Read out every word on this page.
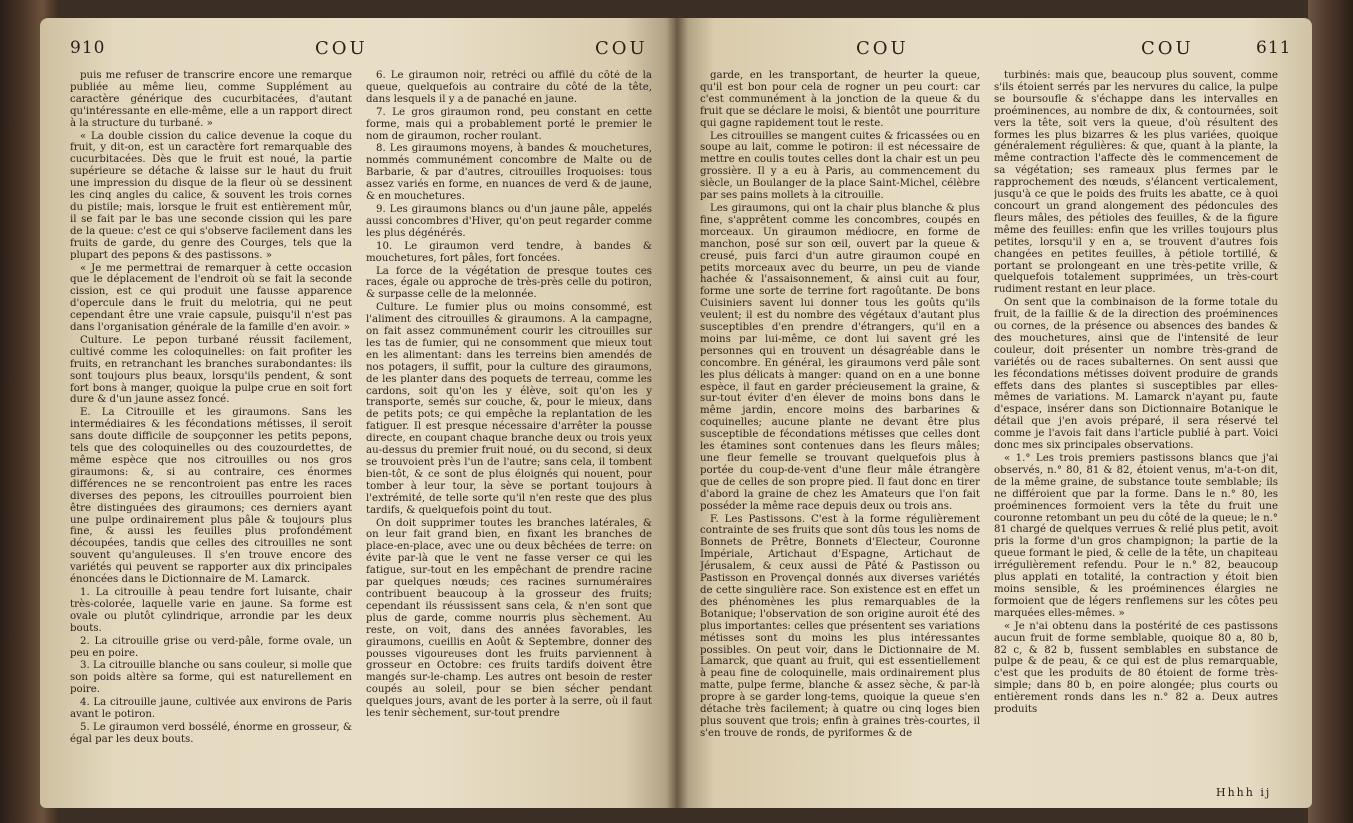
910	COU	COU

puis me refuser de transcrire encore une remarque publiée au même lieu, comme Supplément au caractère générique des cucurbitacées, d'autant qu'intéressante en elle-même, elle a un rapport direct à la structure du turbané. »

« La double cission du calice devenue la coque du fruit, y dit-on, est un caractère fort remarquable des cucurbitacées. Dès que le fruit est noué, la partie supérieure se détache & laisse sur le haut du fruit une impression du disque de la fleur où se dessinent les cinq angles du calice, & souvent les trois cornes du pistile; mais, lorsque le fruit est entièrement mûr, il se fait par le bas une seconde cission qui les pare de la queue: c'est ce qui s'observe facilement dans les fruits de garde, du genre des Courges, tels que la plupart des pepons & des pastissons. »

« Je me permettrai de remarquer à cette occasion que le déplacement de l'endroit où se fait la seconde cission, est ce qui produit une fausse apparence d'opercule dans le fruit du melotria, qui ne peut cependant être une vraie capsule, puisqu'il n'est pas dans l'organisation générale de la famille d'en avoir. »

Culture. Le pepon turbané réussit facilement, cultivé comme les coloquinelles: on fait profiter les fruits, en retranchant les branches surabondantes: ils sont toujours plus beaux, lorsqu'ils pendent, & sont fort bons à manger, quoique la pulpe crue en soit fort dure & d'un jaune assez foncé.

E. La Citrouille et les giraumons. Sans les intermédiaires & les fécondations métisses, il seroit sans doute difficile de soupçonner les petits pepons, tels que des coloquinelles ou des couzourdettes, de même espèce que nos citrouilles ou nos gros giraumons: &, si au contraire, ces énormes différences ne se rencontroient pas entre les races diverses des pepons, les citrouilles pourroient bien être distinguées des giraumons; ces derniers ayant une pulpe ordinairement plus pâle & toujours plus fine, & aussi les feuilles plus profondément découpées, tandis que celles des citrouilles ne sont souvent qu'anguleuses. Il s'en trouve encore des variétés qui peuvent se rapporter aux dix principales énoncées dans le Dictionnaire de M. Lamarck.

1. La citrouille à peau tendre fort luisante, chair très-colorée, laquelle varie en jaune. Sa forme est ovale ou plutôt cylindrique, arrondie par les deux bouts.

2. La citrouille grise ou verd-pâle, forme ovale, un peu en poire.

3. La citrouille blanche ou sans couleur, si molle que son poids altère sa forme, qui est naturellement en poire.

4. La citrouille jaune, cultivée aux environs de Paris avant le potiron.

5. Le giraumon verd bossélé, énorme en grosseur, & égal par les deux bouts.

6. Le giraumon noir, retréci ou affilé du côté de la queue, quelquefois au contraire du côté de la tête, dans lesquels il y a de panaché en jaune.

7. Le gros giraumon rond, peu constant en cette forme, mais qui a probablement porté le premier le nom de giraumon, rocher roulant.

8. Les giraumons moyens, à bandes & mouchetures, nommés communément concombre de Malte ou de Barbarie, & par d'autres, citrouilles Iroquoises: tous assez variés en forme, en nuances de verd & de jaune, & en mouchetures.

9. Les giraumons blancs ou d'un jaune pâle, appelés aussi concombres d'Hiver, qu'on peut regarder comme les plus dégénérés.

10. Le giraumon verd tendre, à bandes & mouchetures, fort pâles, fort foncées.

La force de la végétation de presque toutes ces races, égale ou approche de très-près celle du potiron, & surpasse celle de la melonnée.

Culture. Le fumier plus ou moins consommé, est l'aliment des citrouilles & giraumons. A la campagne, on fait assez communément courir les citrouilles sur les tas de fumier, qui ne consomment que mieux tout en les alimentant: dans les terreins bien amendés de nos potagers, il suffit, pour la culture des giraumons, de les planter dans des poquets de terreau, comme les cardons, soit qu'on les y élève, soit qu'on les y transporte, semés sur couche, &, pour le mieux, dans de petits pots; ce qui empêche la replantation de les fatiguer. Il est presque nécessaire d'arrêter la pousse directe, en coupant chaque branche deux ou trois yeux au-dessus du premier fruit noué, ou du second, si deux se trouvoient près l'un de l'autre; sans cela, il tombent bien-tôt, & ce sont de plus éloignés qui nouent, pour tomber à leur tour, la sève se portant toujours à l'extrémité, de telle sorte qu'il n'en reste que des plus tardifs, & quelquefois point du tout.

On doit supprimer toutes les branches latérales, & on leur fait grand bien, en fixant les branches de place-en-place, avec une ou deux bêchées de terre: on évite par-là que le vent ne fasse verser ce qui les fatigue, sur-tout en les empêchant de prendre racine par quelques nœuds; ces racines surnuméraires contribuent beaucoup à la grosseur des fruits; cependant ils réussissent sans cela, & n'en sont que plus de garde, comme nourris plus sèchement. Au reste, on voit, dans des années favorables, les giraumons, cueillis en Août & Septembre, donner des pousses vigoureuses dont les fruits parviennent à grosseur en Octobre: ces fruits tardifs doivent être mangés sur-le-champ. Les autres ont besoin de rester coupés au soleil, pour se bien sécher pendant quelques jours, avant de les porter à la serre, où il faut les tenir sèchement, sur-tout prendre

COU	COU	611

garde, en les transportant, de heurter la queue, qu'il est bon pour cela de rogner un peu court: car c'est communément à la jonction de la queue & du fruit que se déclare le moisi, & bientôt une pourriture qui gagne rapidement tout le reste.

Les citrouilles se mangent cuites & fricassées ou en soupe au lait, comme le potiron: il est nécessaire de mettre en coulis toutes celles dont la chair est un peu grossière. Il y a eu à Paris, au commencement du siècle, un Boulanger de la place Saint-Michel, célèbre par ses pains mollets à la citrouille.

Les giraumons, qui ont la chair plus blanche & plus fine, s'apprêtent comme les concombres, coupés en morceaux. Un giraumon médiocre, en forme de manchon, posé sur son œil, ouvert par la queue & creusé, puis farci d'un autre giraumon coupé en petits morceaux avec du beurre, un peu de viande hachée & l'assaisonnement, & ainsi cuit au four, forme une sorte de terrine fort ragoûtante. De bons Cuisiniers savent lui donner tous les goûts qu'ils veulent; il est du nombre des végétaux d'autant plus susceptibles d'en prendre d'étrangers, qu'il en a moins par lui-même, ce dont lui savent gré les personnes qui en trouvent un désagréable dans le concombre. En général, les giraumons verd pâle sont les plus délicats à manger: quand on en a une bonne espèce, il faut en garder précieusement la graine, & sur-tout éviter d'en élever de moins bons dans le même jardin, encore moins des barbarines & coquinelles; aucune plante ne devant être plus susceptible de fécondations métisses que celles dont les étamines sont contenues dans les fleurs mâles; une fleur femelle se trouvant quelquefois plus à portée du coup-de-vent d'une fleur mâle étrangère que de celles de son propre pied. Il faut donc en tirer d'abord la graine de chez les Amateurs que l'on fait posséder la même race depuis deux ou trois ans.

F. Les Pastissons. C'est à la forme régulièrement contrainte de ses fruits que sont dûs tous les noms de Bonnets de Prêtre, Bonnets d'Electeur, Couronne Impériale, Artichaut d'Espagne, Artichaut de Jérusalem, & ceux aussi de Pâté & Pastisson ou Pastisson en Provençal donnés aux diverses variétés de cette singulière race. Son existence est en effet un des phénomènes les plus remarquables de la Botanique; l'observation de son origine auroit été des plus importantes: celles que présentent ses variations métisses sont du moins les plus intéressantes possibles. On peut voir, dans le Dictionnaire de M. Lamarck, que quant au fruit, qui est essentiellement à peau fine de coloquinelle, mais ordinairement plus matte, pulpe ferme, blanche & assez sèche, & par-là propre à se garder long-tems, quoique la queue s'en détache très facilement; à quatre ou cinq loges bien plus souvent que trois; enfin à graines très-courtes, il s'en trouve de ronds, de pyriformes & de

turbinés: mais que, beaucoup plus souvent, comme s'ils étoient serrés par les nervures du calice, la pulpe se boursoufle & s'échappe dans les intervalles en proéminences, au nombre de dix, & contournées, soit vers la tête, soit vers la queue, d'où résultent des formes les plus bizarres & les plus variées, quoique généralement régulières: & que, quant à la plante, la même contraction l'affecte dès le commencement de sa végétation; ses rameaux plus fermes par le rapprochement des nœuds, s'élancent verticalement, jusqu'à ce que le poids des fruits les abatte, ce à quoi concourt un grand alongement des pédoncules des fleurs mâles, des pétioles des feuilles, & de la figure même des feuilles: enfin que les vrilles toujours plus petites, lorsqu'il y en a, se trouvent d'autres fois changées en petites feuilles, à pétiole tortillé, & portant se prolongeant en une très-petite vrille, & quelquefois totalement supprimées, un très-court rudiment restant en leur place.

On sent que la combinaison de la forme totale du fruit, de la faillie & de la direction des proéminences ou cornes, de la présence ou absences des bandes & des mouchetures, ainsi que de l'intensité de leur couleur, doit présenter un nombre très-grand de variétés ou de races subalternes. On sent aussi que les fécondations métisses doivent produire de grands effets dans des plantes si susceptibles par elles-mêmes de variations. M. Lamarck n'ayant pu, faute d'espace, insérer dans son Dictionnaire Botanique le détail que j'en avois préparé, il sera réservé tel comme je l'avois fait dans l'article publié à part. Voici donc mes six principales observations.

« 1.° Les trois premiers pastissons blancs que j'ai observés, n.° 80, 81 & 82, étoient venus, m'a-t-on dit, de la même graine, de substance toute semblable; ils ne différoient que par la forme. Dans le n.° 80, les proéminences formoient vers la tête du fruit une couronne retombant un peu du côté de la queue; le n.° 81 chargé de quelques verrues & relié plus petit, avoit pris la forme d'un gros champignon; la partie de la queue formant le pied, & celle de la tête, un chapiteau irrégulièrement refendu. Pour le n.° 82, beaucoup plus applati en totalité, la contraction y étoit bien moins sensible, & les proéminences élargies ne formoient que de légers renflemens sur les côtes peu marquées elles-mêmes. »

« Je n'ai obtenu dans la postérité de ces pastissons aucun fruit de forme semblable, quoique 80 a, 80 b, 82 c, & 82 b, fussent semblables en substance de pulpe & de peau, & ce qui est de plus remarquable, c'est que les produits de 80 étoient de forme très-simple; dans 80 b, en poire alongée; plus courts ou entièrement ronds dans les n.° 82 a. Deux autres produits

Hhhh ij
